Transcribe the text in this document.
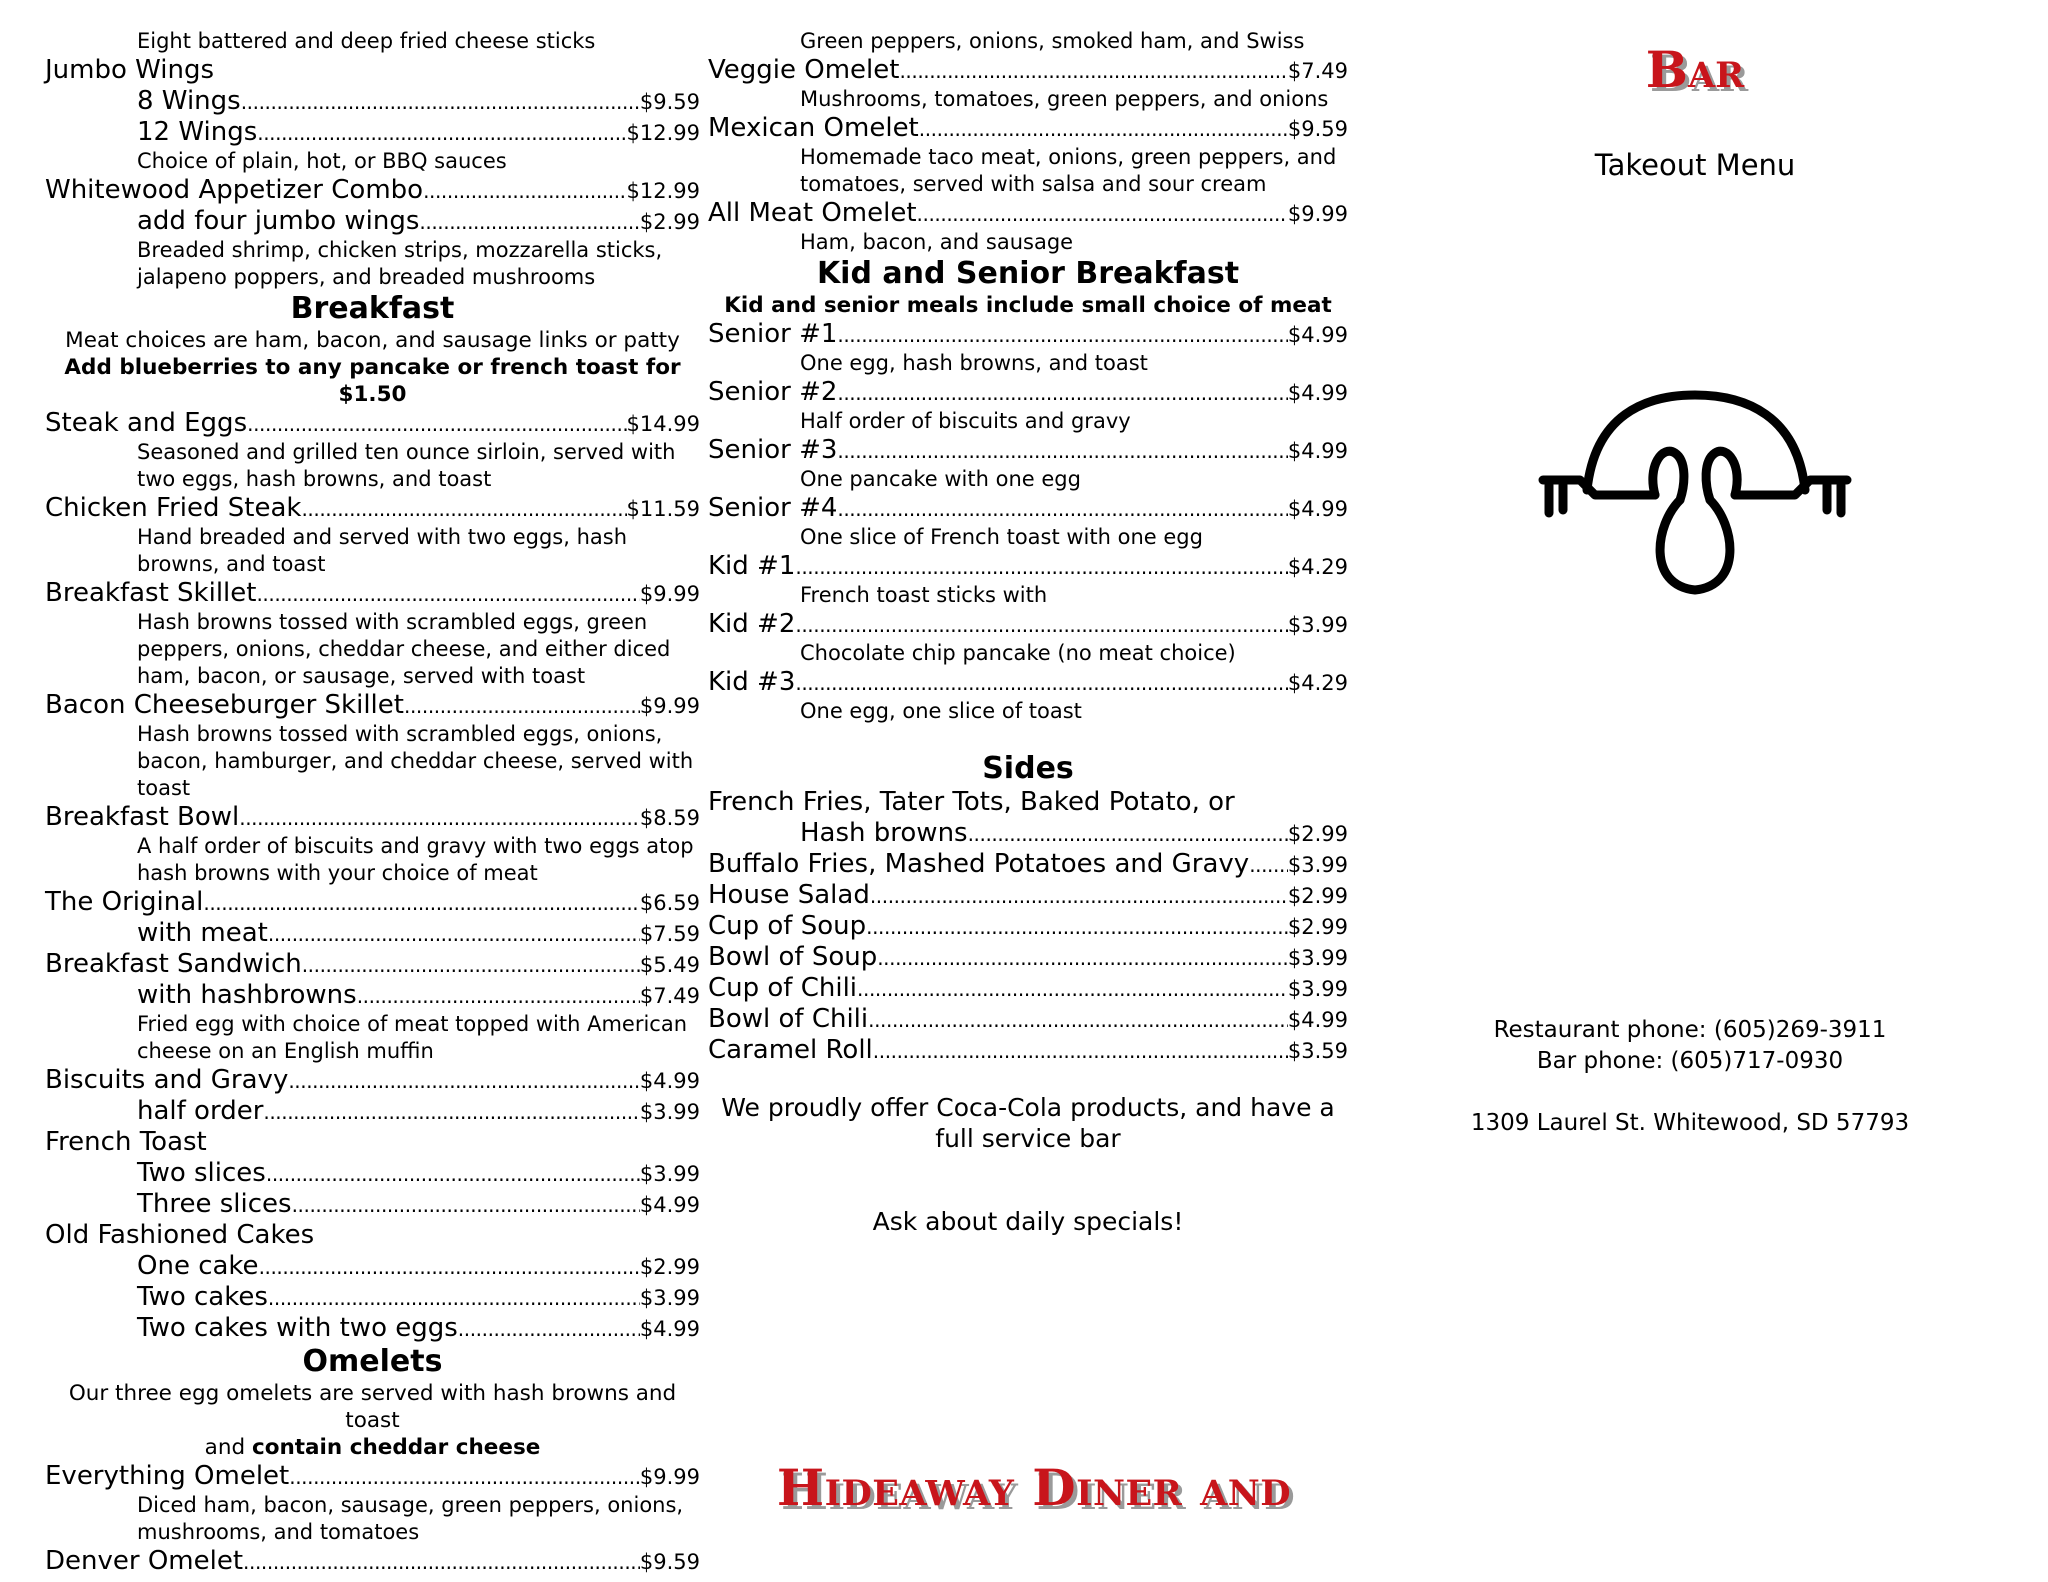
Eight battered and deep fried cheese sticks
Jumbo Wings
8 Wings .....	$9.59
12 Wings .....	$12.99
Choice of plain, hot, or BBQ sauces
Whitewood Appetizer Combo .....	$12.99
add four jumbo wings .....	$2.99
Breaded shrimp, chicken strips, mozzarella sticks, jalapeno poppers, and breaded mushrooms
Breakfast
Meat choices are ham, bacon, and sausage links or patty
Add blueberries to any pancake or french toast for $1.50
Steak and Eggs .....	$14.99
Seasoned and grilled ten ounce sirloin, served with two eggs, hash browns, and toast
Chicken Fried Steak .....	$11.59
Hand breaded and served with two eggs, hash browns, and toast
Breakfast Skillet .....	$9.99
Hash browns tossed with scrambled eggs, green peppers, onions, cheddar cheese, and either diced ham, bacon, or sausage, served with toast
Bacon Cheeseburger Skillet .....	$9.99
Hash browns tossed with scrambled eggs, onions, bacon, hamburger, and cheddar cheese, served with toast
Breakfast Bowl .....	$8.59
A half order of biscuits and gravy with two eggs atop hash browns with your choice of meat
The Original .....	$6.59
with meat .....	$7.59
Breakfast Sandwich .....	$5.49
with hashbrowns .....	$7.49
Fried egg with choice of meat topped with American cheese on an English muffin
Biscuits and Gravy .....	$4.99
half order .....	$3.99
French Toast
Two slices .....	$3.99
Three slices .....	$4.99
Old Fashioned Cakes
One cake .....	$2.99
Two cakes .....	$3.99
Two cakes with two eggs .....	$4.99
Omelets
Our three egg omelets are served with hash browns and toast
and contain cheddar cheese
Everything Omelet .....	$9.99
Diced ham, bacon, sausage, green peppers, onions, mushrooms, and tomatoes
Denver Omelet .....	$9.59
Green peppers, onions, smoked ham, and Swiss
Veggie Omelet .....	$7.49
Mushrooms, tomatoes, green peppers, and onions
Mexican Omelet .....	$9.59
Homemade taco meat, onions, green peppers, and tomatoes, served with salsa and sour cream
All Meat Omelet .....	$9.99
Ham, bacon, and sausage
Kid and Senior Breakfast
Kid and senior meals include small choice of meat
Senior #1 .....	$4.99
One egg, hash browns, and toast
Senior #2 .....	$4.99
Half order of biscuits and gravy
Senior #3 .....	$4.99
One pancake with one egg
Senior #4 .....	$4.99
One slice of French toast with one egg
Kid #1 .....	$4.29
French toast sticks with
Kid #2 .....	$3.99
Chocolate chip pancake (no meat choice)
Kid #3 .....	$4.29
One egg, one slice of toast
Sides
French Fries, Tater Tots, Baked Potato, or
Hash browns .....	$2.99
Buffalo Fries, Mashed Potatoes and Gravy ..... $3.99
House Salad .....	$2.99
Cup of Soup .....	$2.99
Bowl of Soup .....	$3.99
Cup of Chili .....	$3.99
Bowl of Chili .....	$4.99
Caramel Roll .....	$3.59
We proudly offer Coca-Cola products, and have a full service bar
Ask about daily specials!
Hideaway Diner and
Bar
Takeout Menu
Restaurant phone: (605)269-3911
Bar phone: (605)717-0930
1309 Laurel St. Whitewood, SD 57793
